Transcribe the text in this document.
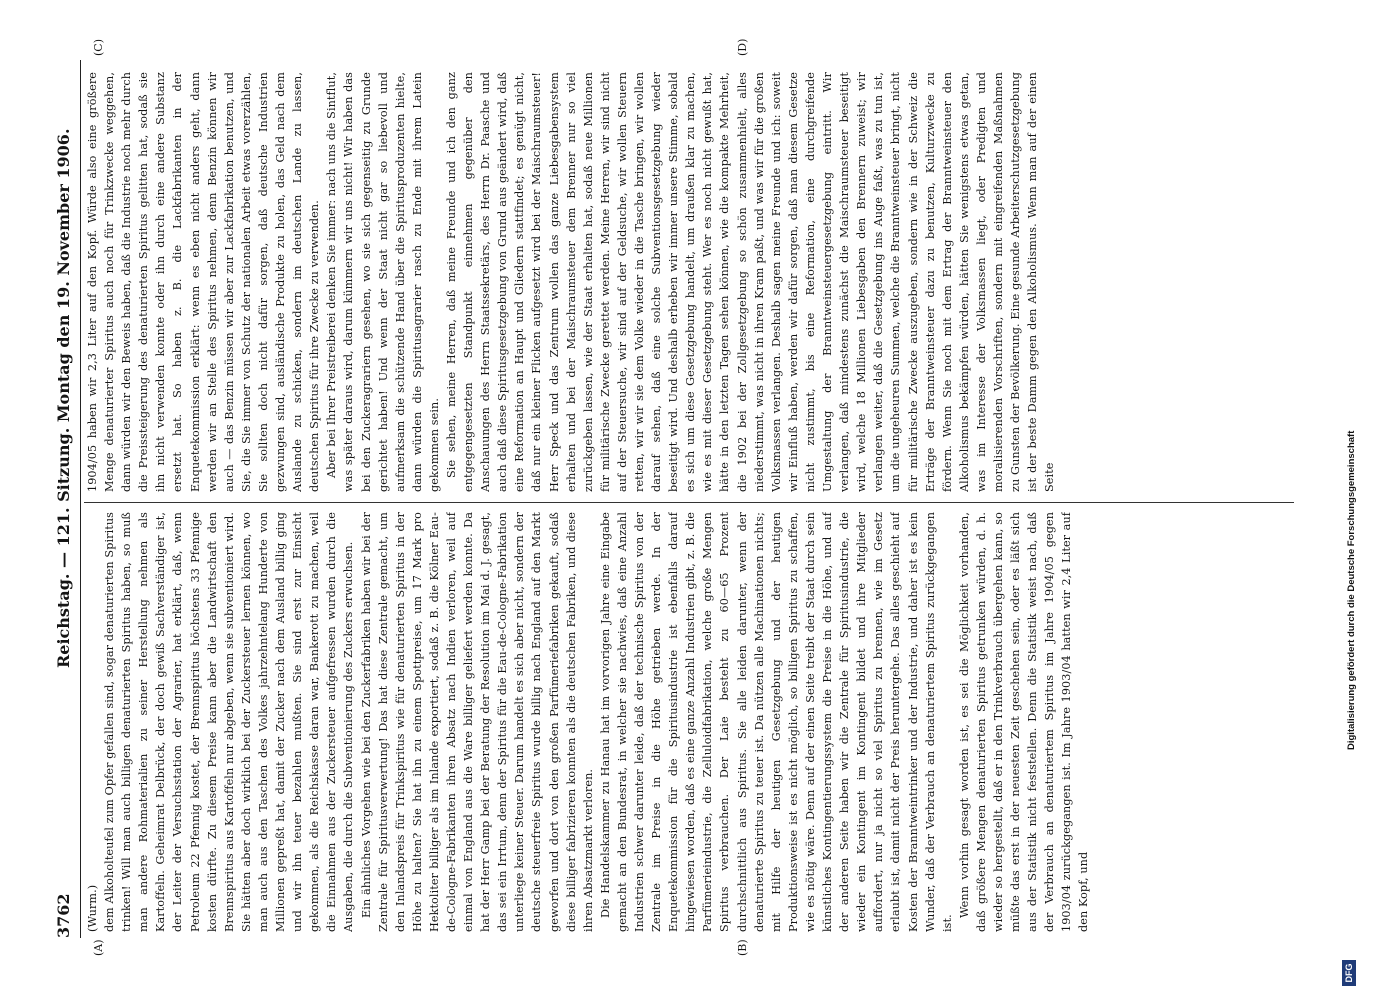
3762
Reichstag. — 121. Sitzung. Montag den 19. November 1906.
(A)	(B)
(C)	(D)

(Wurm.) dem Alkoholteufel zum Opfer gefallen sind, sogar denaturierten Spiritus trinken! Will man auch billigen denaturierten Spiritus haben, so muß man andere Rohmaterialien zu seiner Herstellung nehmen als Kartoffeln. Geheimrat Delbrück, der doch gewiß Sachverständiger ist, der Leiter der Versuchsstation der Agrarier, hat erklärt, daß, wenn Petroleum 22 Pfennig kostet, der Brennspiritus höchstens 33 Pfennige kosten dürfte. Zu diesem Preise kann aber die Landwirtschaft den Brennspiritus aus Kartoffeln nur abgeben, wenn sie subventioniert wird. Sie hätten aber doch wirklich bei der Zuckersteuer lernen können, wo man auch aus den Taschen des Volkes jahrzehntelang Hunderte von Millionen gepreßt hat, damit der Zucker nach dem Ausland billig ging und wir ihn teuer bezahlen mußten. Sie sind erst zur Einsicht gekommen, als die Reichskasse daran war, Bankerott zu machen, weil die Einnahmen aus der Zuckersteuer aufgefressen wurden durch die Ausgaben, die durch die Subventionierung des Zuckers erwuchsen. Ein ähnliches Vorgehen wie bei den Zuckerfabriken haben wir bei der Zentrale für Spiritusverwertung! Das hat diese Zentrale gemacht, um den Inlandspreis für Trinkspiritus wie für denaturierten Spiritus in der Höhe zu halten? Sie hat ihn zu einem Spottpreise, um 17 Mark pro Hektoliter billiger als im Inlande exportiert, sodaß z. B. die Kölner Eau-de-Cologne-Fabrikanten ihren Absatz nach Indien verloren, weil auf einmal von England aus die Ware billiger geliefert werden konnte. Da hat der Herr Gamp bei der Beratung der Resolution im Mai d. J. gesagt, das sei ein Irrtum, denn der Spiritus für die Eau-de-Cologne-Fabrikation unterliege keiner Steuer. Darum handelt es sich aber nicht, sondern der deutsche steuerfreie Spiritus wurde billig nach England auf den Markt geworfen und dort von den großen Parfümeriefabriken gekauft, sodaß diese billiger fabrizieren konnten als die deutschen Fabriken, und diese ihren Absatzmarkt verloren. Die Handelskammer zu Hanau hat im vorvorigen Jahre eine Eingabe gemacht an den Bundesrat, in welcher sie nachwies, daß eine Anzahl Industrien schwer darunter leide, daß der technische Spiritus von der Zentrale im Preise in die Höhe getrieben werde. In der Enquetekommission für die Spiritusindustrie ist ebenfalls darauf hingewiesen worden, daß es eine ganze Anzahl Industrien gibt, z. B. die Parfümerieindustrie, die Zelluloidfabrikation, welche große Mengen Spiritus verbrauchen. Der Laie besteht zu 60—65 Prozent durchschnittlich aus Spiritus. Sie alle leiden darunter, wenn der denaturierte Spiritus zu teuer ist. Da nützen alle Machinationen nichts; mit Hilfe der heutigen Gesetzgebung und der heutigen Produktionsweise ist es nicht möglich, so billigen Spiritus zu schaffen, wie es nötig wäre. Denn auf der einen Seite treibt der Staat durch sein künstliches Kontingentierungssystem die Preise in die Höhe, und auf der anderen Seite haben wir die Zentrale für Spiritusindustrie, die wieder ein Kontingent im Kontingent bildet und ihre Mitglieder auffordert, nur ja nicht so viel Spiritus zu brennen, wie im Gesetz erlaubt ist, damit nicht der Preis heruntergehe. Das alles geschieht auf Kosten der Branntweintrinker und der Industrie, und daher ist es kein Wunder, daß der Verbrauch an denaturiertem Spiritus zurückgegangen ist.

Wenn vorhin gesagt worden ist, es sei die Möglichkeit vorhanden, daß größere Mengen denaturierten Spiritus getrunken würden, d. h. wieder so hergestellt, daß er in den Trinkverbrauch übergehen kann, so müßte das erst in der neuesten Zeit geschehen sein, oder es läßt sich aus der Statistik nicht feststellen. Denn die Statistik weist nach, daß der Verbrauch an denaturiertem Spiritus im Jahre 1904/05 gegen 1903/04 zurückgegangen ist. Im Jahre 1903/04 hatten wir 2,4 Liter auf den Kopf, und

1904/05 haben wir 2,3 Liter auf den Kopf. Würde also eine größere Menge denaturierter Spiritus auch noch für Trinkzwecke weggehen, dann würden wir den Beweis haben, daß die Industrie noch mehr durch die Preissteigerung des denaturierten Spiritus gelitten hat, sodaß sie ihn nicht verwenden konnte oder ihn durch eine andere Substanz ersetzt hat. So haben z. B. die Lackfabrikanten in der Enquetekommission erklärt: wenn es eben nicht anders geht, dann werden wir an Stelle des Spiritus nehmen, denn Benzin können wir auch — das Benzin müssen wir aber zur Lackfabrikation benutzen, und Sie, die Sie immer von Schutz der nationalen Arbeit etwas vorerzählen, Sie sollten doch nicht dafür sorgen, daß deutsche Industrien gezwungen sind, ausländische Produkte zu holen, das Geld nach dem Auslande zu schicken, sondern im deutschen Lande zu lassen, deutschen Spiritus für ihre Zwecke zu verwenden. Aber bei Ihrer Preistreiberei denken Sie immer: nach uns die Sintflut, was später daraus wird, darum kümmern wir uns nicht! Wir haben das bei den Zuckeragrariern gesehen, wo sie sich gegenseitig zu Grunde gerichtet haben! Und wenn der Staat nicht gar so liebevoll und aufmerksam die schützende Hand über die Spiritusproduzenten hielte, dann würden die Spiritusagrarier rasch zu Ende mit ihrem Latein gekommen sein. Sie sehen, meine Herren, daß meine Freunde und ich den ganz entgegengesetzten Standpunkt einnehmen gegenüber den Anschauungen des Herrn Staatssekretärs, des Herrn Dr. Paasche und auch daß diese Spiritusgesetzgebung von Grund aus geändert wird, daß eine Reformation an Haupt und Gliedern stattfindet; es genügt nicht, daß nur ein kleiner Flicken aufgesetzt wird bei der Maischraumsteuer! Herr Speck und das Zentrum wollen das ganze Liebesgabensystem erhalten und bei der Maischraumsteuer dem Brenner nur so viel zurückgeben lassen, wie der Staat erhalten hat, sodaß neue Millionen für militärische Zwecke gerettet werden. Meine Herren, wir sind nicht auf der Steuersuche, wir sind auf der Geldsuche, wir wollen Steuern retten, wir wir sie dem Volke wieder in die Tasche bringen, wir wollen darauf sehen, daß eine solche Subventionsgesetzgebung wieder beseitigt wird. Und deshalb erheben wir immer unsere Stimme, sobald es sich um diese Gesetzgebung handelt, um draußen klar zu machen, wie es mit dieser Gesetzgebung steht. Wer es noch nicht gewußt hat, hätte in den letzten Tagen sehen können, wie die kompakte Mehrheit, die 1902 bei der Zollgesetzgebung so schön zusammenhielt, alles niederstimmt, was nicht in ihren Kram paßt, und was wir für die großen Volksmassen verlangen. Deshalb sagen meine Freunde und ich: soweit wir Einfluß haben, werden wir dafür sorgen, daß man diesem Gesetze nicht zustimmt, bis eine Reformation, eine durchgreifende Umgestaltung der Branntweinsteuergesetzgebung eintritt. Wir verlangen, daß mindestens zunächst die Maischraumsteuer beseitigt wird, welche 18 Millionen Liebesgaben den Brennern zuweist; wir verlangen weiter, daß die Gesetzgebung ins Auge faßt, was zu tun ist, um die ungeheuren Summen, welche die Branntweinsteuer bringt, nicht für militärische Zwecke auszugeben, sondern wie in der Schweiz die Erträge der Branntweinsteuer dazu zu benutzen, Kulturzwecke zu fördern. Wenn Sie noch mit dem Ertrag der Branntweinsteuer den Alkoholismus bekämpfen würden, hätten Sie wenigstens etwas getan, was im Interesse der Volksmassen liegt, oder Predigten und moralisierenden Vorschriften, sondern mit eingreifenden Maßnahmen zu Gunsten der Bevölkerung. Eine gesunde Arbeiterschutzgesetzgebung ist der beste Damm gegen den Alkoholismus. Wenn man auf der einen Seite	Digitalisierung gefördert durch die Deutsche Forschungsgemeinschaft
DFG
